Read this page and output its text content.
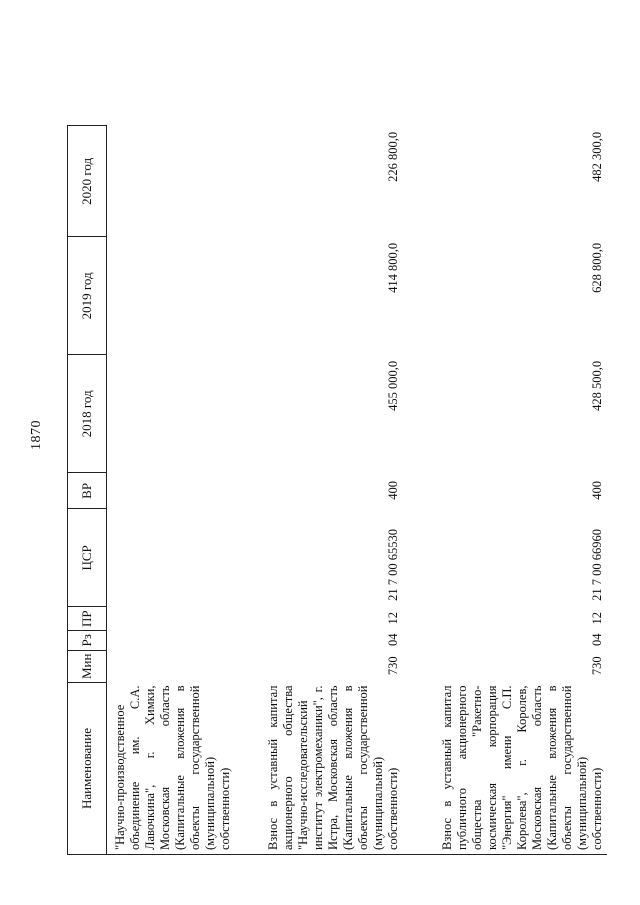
1870
Наименование	Мин	Рз	ПР	ЦСР	ВР	2018 год	2019 год	2020 год
"Научно-производственное объединение им. С.А. Лавочкина", г. Химки, Московская область (Капитальные вложения в объекты государственной (муниципальной) собственности)								
Взнос в уставный капитал акционерного общества "Научно-исследовательский институт электромеханики", г. Истра, Московская область (Капитальные вложения в объекты государственной (муниципальной) собственности)	730	04	12	21 7 00 65530	400	455 000,0	414 800,0	226 800,0
Взнос в уставный капитал публичного акционерного общества "Ракетно-космическая корпорация "Энергия" имени С.П. Королева", г. Королев, Московская область (Капитальные вложения в объекты государственной (муниципальной) собственности)	730	04	12	21 7 00 66960	400	428 500,0	628 800,0	482 300,0
